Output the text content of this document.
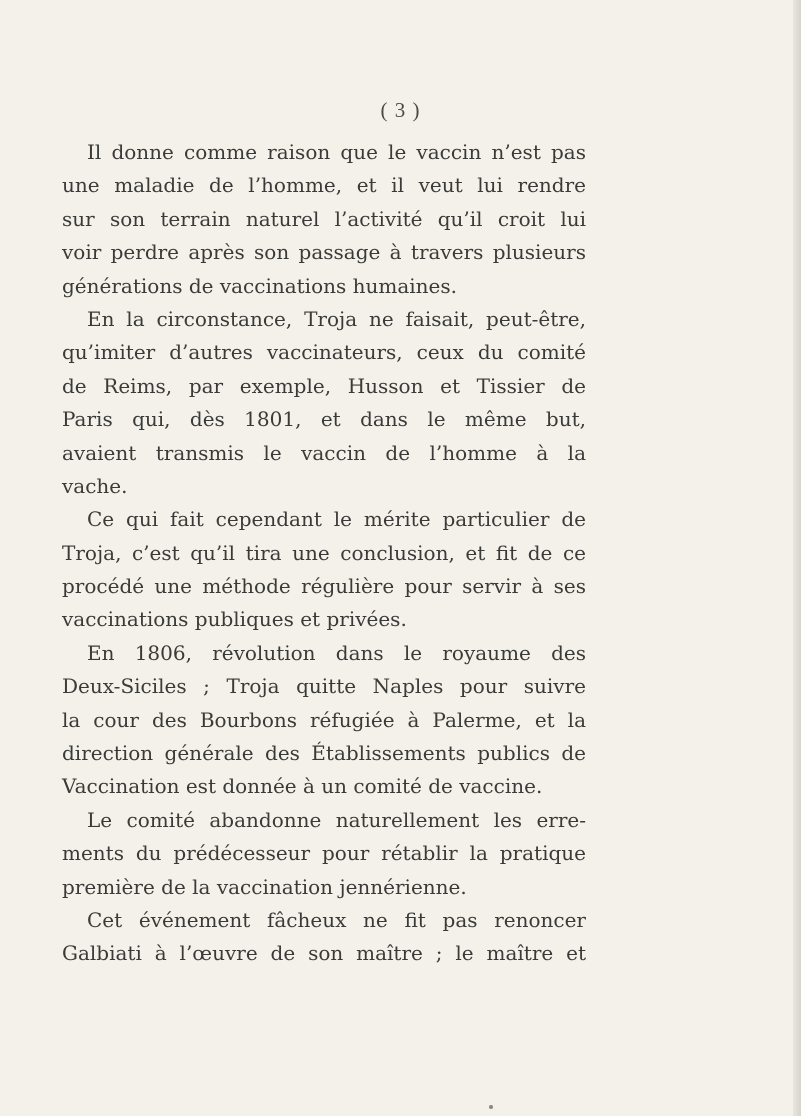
( 3 )
Il donne comme raison que le vaccin n’est pas
une maladie de l’homme, et il veut lui rendre
sur son terrain naturel l’activité qu’il croit lui
voir perdre après son passage à travers plusieurs
générations de vaccinations humaines.
En la circonstance, Troja ne faisait, peut-être,
qu’imiter d’autres vaccinateurs, ceux du comité
de Reims, par exemple, Husson et Tissier de
Paris qui, dès 1801, et dans le même but,
avaient transmis le vaccin de l’homme à la
vache.
Ce qui fait cependant le mérite particulier de
Troja, c’est qu’il tira une conclusion, et fit de ce
procédé une méthode régulière pour servir à ses
vaccinations publiques et privées.
En 1806, révolution dans le royaume des
Deux-Siciles ; Troja quitte Naples pour suivre
la cour des Bourbons réfugiée à Palerme, et la
direction générale des Établissements publics de
Vaccination est donnée à un comité de vaccine.
Le comité abandonne naturellement les erre-
ments du prédécesseur pour rétablir la pratique
première de la vaccination jennérienne.
Cet événement fâcheux ne fit pas renoncer
Galbiati à l’œuvre de son maître ; le maître et
